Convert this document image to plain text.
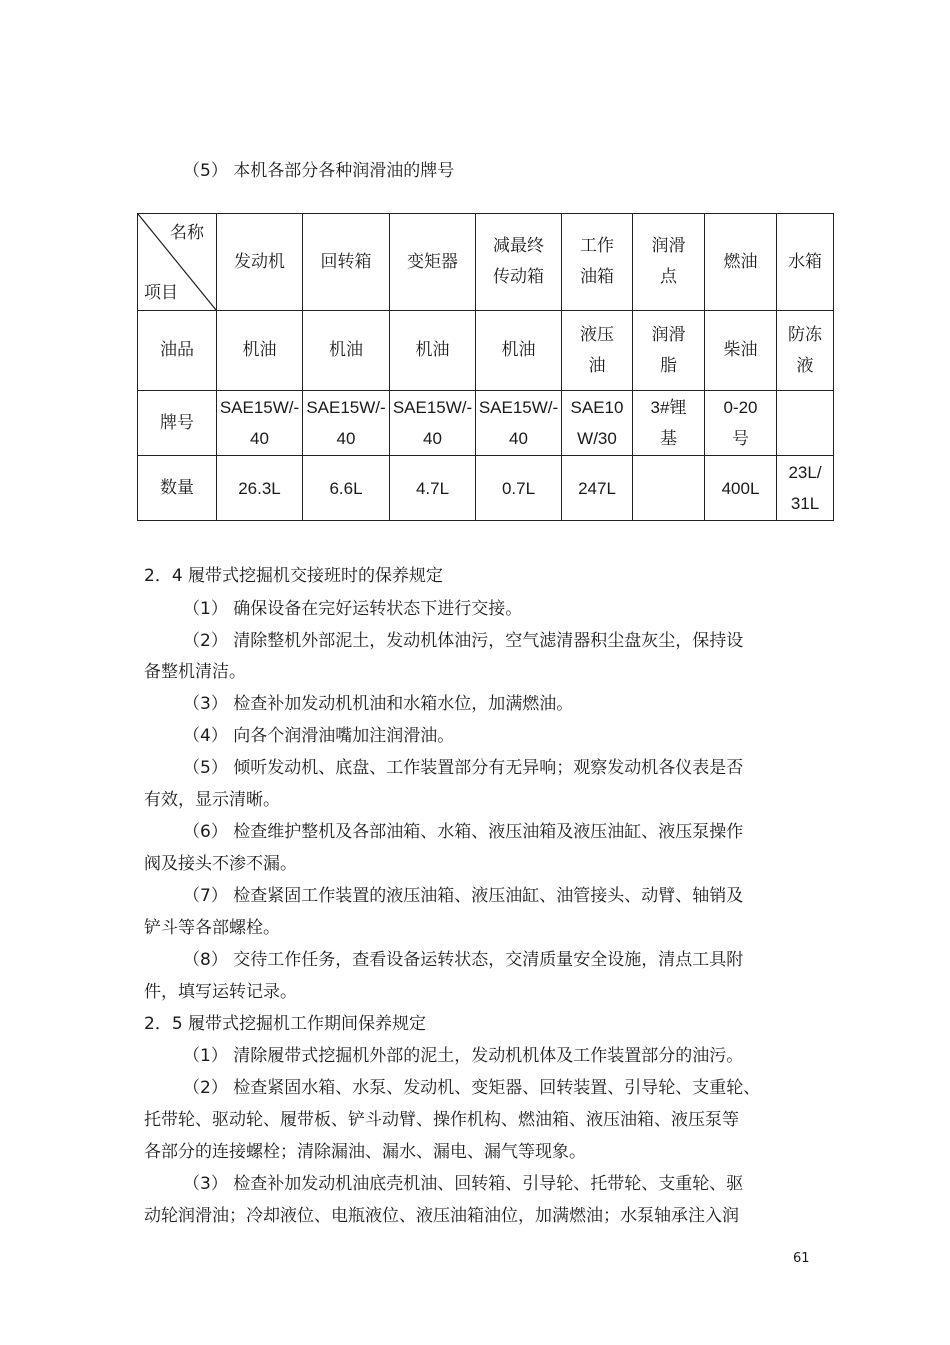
（5） 本机各部分各种润滑油的牌号
名称
项目	发动机	回转箱	变矩器	减最终传动箱	工作油箱	润滑点	燃油	水箱
油品	机油	机油	机油	机油	液压油	润滑脂	柴油	防冻液
牌号	SAE15W/-40	SAE15W/-40	SAE15W/-40	SAE15W/-40	SAE10W/30	3#锂基	0-20号	
数量	26.3L	6.6L	4.7L	0.7L	247L		400L	23L/31L
2．4 履带式挖掘机交接班时的保养规定
（1） 确保设备在完好运转状态下进行交接。
（2） 清除整机外部泥土，发动机体油污，空气滤清器积尘盘灰尘，保持设
备整机清洁。
（3） 检查补加发动机机油和水箱水位，加满燃油。
（4） 向各个润滑油嘴加注润滑油。
（5） 倾听发动机、底盘、工作装置部分有无异响；观察发动机各仪表是否
有效，显示清晰。
（6） 检查维护整机及各部油箱、水箱、液压油箱及液压油缸、液压泵操作
阀及接头不渗不漏。
（7） 检查紧固工作装置的液压油箱、液压油缸、油管接头、动臂、轴销及
铲斗等各部螺栓。
（8） 交待工作任务，查看设备运转状态，交清质量安全设施，清点工具附
件，填写运转记录。
2．5 履带式挖掘机工作期间保养规定
（1） 清除履带式挖掘机外部的泥土，发动机机体及工作装置部分的油污。
（2） 检查紧固水箱、水泵、发动机、变矩器、回转装置、引导轮、支重轮、
托带轮、驱动轮、履带板、铲斗动臂、操作机构、燃油箱、液压油箱、液压泵等
各部分的连接螺栓；清除漏油、漏水、漏电、漏气等现象。
（3） 检查补加发动机油底壳机油、回转箱、引导轮、托带轮、支重轮、驱
动轮润滑油；冷却液位、电瓶液位、液压油箱油位，加满燃油；水泵轴承注入润
61
